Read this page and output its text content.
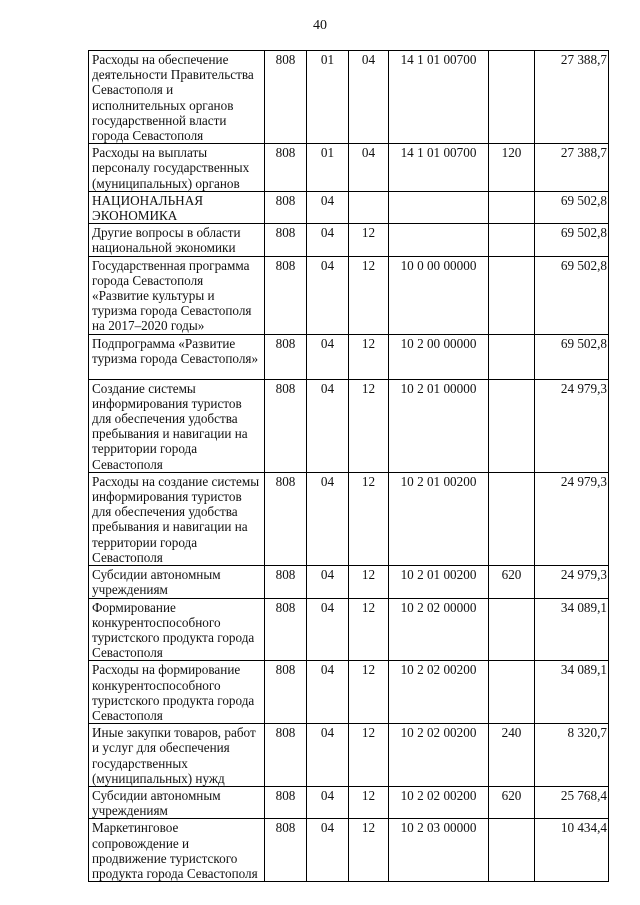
40
Расходы на обеспечение деятельности Правительства Севастополя и исполнительных органов государственной власти города Севастополя	808	01	04	14 1 01 00700		27 388,7
Расходы на выплаты персоналу государственных (муниципальных) органов	808	01	04	14 1 01 00700	120	27 388,7
НАЦИОНАЛЬНАЯ ЭКОНОМИКА	808	04				69 502,8
Другие вопросы в области национальной экономики	808	04	12			69 502,8
Государственная программа города Севастополя «Развитие культуры и туризма города Севастополя на 2017–2020 годы»	808	04	12	10 0 00 00000		69 502,8
Подпрограмма «Развитие туризма города Севастополя»	808	04	12	10 2 00 00000		69 502,8
Создание системы информирования туристов для обеспечения удобства пребывания и навигации на территории города Севастополя	808	04	12	10 2 01 00000		24 979,3
Расходы на создание системы информирования туристов для обеспечения удобства пребывания и навигации на территории города Севастополя	808	04	12	10 2 01 00200		24 979,3
Субсидии автономным учреждениям	808	04	12	10 2 01 00200	620	24 979,3
Формирование конкурентоспособного туристского продукта города Севастополя	808	04	12	10 2 02 00000		34 089,1
Расходы на формирование конкурентоспособного туристского продукта города Севастополя	808	04	12	10 2 02 00200		34 089,1
Иные закупки товаров, работ и услуг для обеспечения государственных (муниципальных) нужд	808	04	12	10 2 02 00200	240	8 320,7
Субсидии автономным учреждениям	808	04	12	10 2 02 00200	620	25 768,4
Маркетинговое сопровождение и продвижение туристского продукта города Севастополя	808	04	12	10 2 03 00000		10 434,4
